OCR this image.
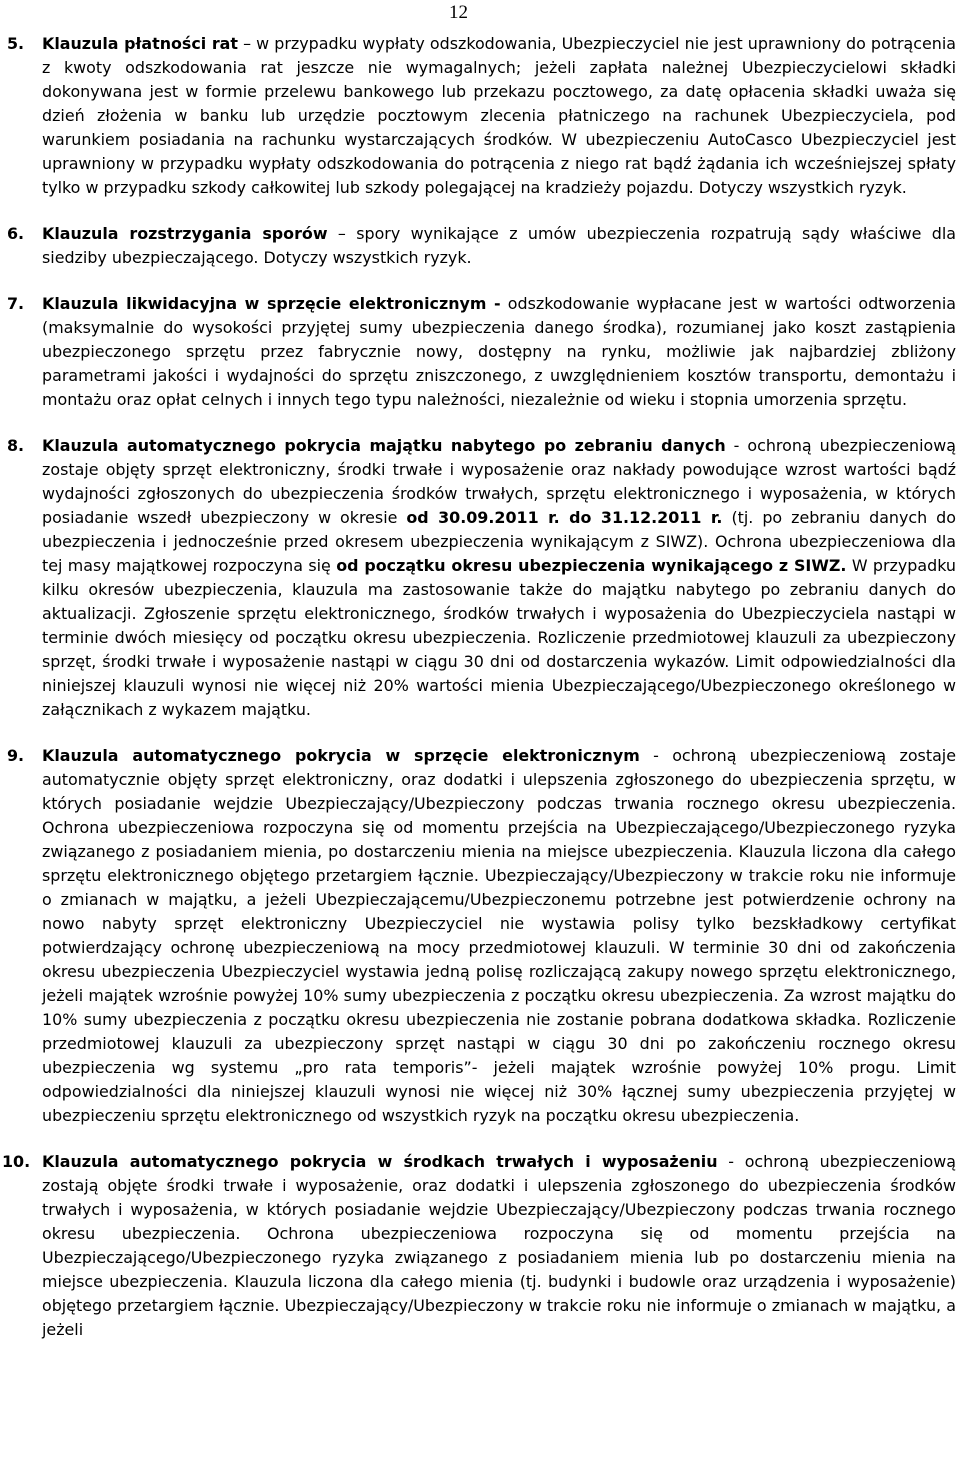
12

5. Klauzula płatności rat – w przypadku wypłaty odszkodowania, Ubezpieczyciel nie jest uprawniony do potrącenia z kwoty odszkodowania rat jeszcze nie wymagalnych; jeżeli zapłata należnej Ubezpieczycielowi składki dokonywana jest w formie przelewu bankowego lub przekazu pocztowego, za datę opłacenia składki uważa się dzień złożenia w banku lub urzędzie pocztowym zlecenia płatniczego na rachunek Ubezpieczyciela, pod warunkiem posiadania na rachunku wystarczających środków. W ubezpieczeniu AutoCasco Ubezpieczyciel jest uprawniony w przypadku wypłaty odszkodowania do potrącenia z niego rat bądź żądania ich wcześniejszej spłaty tylko w przypadku szkody całkowitej lub szkody polegającej na kradzieży pojazdu. Dotyczy wszystkich ryzyk.

6. Klauzula rozstrzygania sporów – spory wynikające z umów ubezpieczenia rozpatrują sądy właściwe dla siedziby ubezpieczającego. Dotyczy wszystkich ryzyk.

7. Klauzula likwidacyjna w sprzęcie elektronicznym - odszkodowanie wypłacane jest w wartości odtworzenia (maksymalnie do wysokości przyjętej sumy ubezpieczenia danego środka), rozumianej jako koszt zastąpienia ubezpieczonego sprzętu przez fabrycznie nowy, dostępny na rynku, możliwie jak najbardziej zbliżony parametrami jakości i wydajności do sprzętu zniszczonego, z uwzględnieniem kosztów transportu, demontażu i montażu oraz opłat celnych i innych tego typu należności, niezależnie od wieku i stopnia umorzenia sprzętu.

8. Klauzula automatycznego pokrycia majątku nabytego po zebraniu danych - ochroną ubezpieczeniową zostaje objęty sprzęt elektroniczny, środki trwałe i wyposażenie oraz nakłady powodujące wzrost wartości bądź wydajności zgłoszonych do ubezpieczenia środków trwałych, sprzętu elektronicznego i wyposażenia, w których posiadanie wszedł ubezpieczony w okresie od 30.09.2011 r. do 31.12.2011 r. (tj. po zebraniu danych do ubezpieczenia i jednocześnie przed okresem ubezpieczenia wynikającym z SIWZ). Ochrona ubezpieczeniowa dla tej masy majątkowej rozpoczyna się od początku okresu ubezpieczenia wynikającego z SIWZ. W przypadku kilku okresów ubezpieczenia, klauzula ma zastosowanie także do majątku nabytego po zebraniu danych do aktualizacji. Zgłoszenie sprzętu elektronicznego, środków trwałych i wyposażenia do Ubezpieczyciela nastąpi w terminie dwóch miesięcy od początku okresu ubezpieczenia. Rozliczenie przedmiotowej klauzuli za ubezpieczony sprzęt, środki trwałe i wyposażenie nastąpi w ciągu 30 dni od dostarczenia wykazów. Limit odpowiedzialności dla niniejszej klauzuli wynosi nie więcej niż 20% wartości mienia Ubezpieczającego/Ubezpieczonego określonego w załącznikach z wykazem majątku.

9. Klauzula automatycznego pokrycia w sprzęcie elektronicznym - ochroną ubezpieczeniową zostaje automatycznie objęty sprzęt elektroniczny, oraz dodatki i ulepszenia zgłoszonego do ubezpieczenia sprzętu, w których posiadanie wejdzie Ubezpieczający/Ubezpieczony podczas trwania rocznego okresu ubezpieczenia. Ochrona ubezpieczeniowa rozpoczyna się od momentu przejścia na Ubezpieczającego/Ubezpieczonego ryzyka związanego z posiadaniem mienia, po dostarczeniu mienia na miejsce ubezpieczenia. Klauzula liczona dla całego sprzętu elektronicznego objętego przetargiem łącznie. Ubezpieczający/Ubezpieczony w trakcie roku nie informuje o zmianach w majątku, a jeżeli Ubezpieczającemu/Ubezpieczonemu potrzebne jest potwierdzenie ochrony na nowo nabyty sprzęt elektroniczny Ubezpieczyciel nie wystawia polisy tylko bezskładkowy certyfikat potwierdzający ochronę ubezpieczeniową na mocy przedmiotowej klauzuli. W terminie 30 dni od zakończenia okresu ubezpieczenia Ubezpieczyciel wystawia jedną polisę rozliczającą zakupy nowego sprzętu elektronicznego, jeżeli majątek wzrośnie powyżej 10% sumy ubezpieczenia z początku okresu ubezpieczenia. Za wzrost majątku do 10% sumy ubezpieczenia z początku okresu ubezpieczenia nie zostanie pobrana dodatkowa składka. Rozliczenie przedmiotowej klauzuli za ubezpieczony sprzęt nastąpi w ciągu 30 dni po zakończeniu rocznego okresu ubezpieczenia wg systemu „pro rata temporis”- jeżeli majątek wzrośnie powyżej 10% progu. Limit odpowiedzialności dla niniejszej klauzuli wynosi nie więcej niż 30% łącznej sumy ubezpieczenia przyjętej w ubezpieczeniu sprzętu elektronicznego od wszystkich ryzyk na początku okresu ubezpieczenia.

10. Klauzula automatycznego pokrycia w środkach trwałych i wyposażeniu - ochroną ubezpieczeniową zostają objęte środki trwałe i wyposażenie, oraz dodatki i ulepszenia zgłoszonego do ubezpieczenia środków trwałych i wyposażenia, w których posiadanie wejdzie Ubezpieczający/Ubezpieczony podczas trwania rocznego okresu ubezpieczenia. Ochrona ubezpieczeniowa rozpoczyna się od momentu przejścia na Ubezpieczającego/Ubezpieczonego ryzyka związanego z posiadaniem mienia lub po dostarczeniu mienia na miejsce ubezpieczenia. Klauzula liczona dla całego mienia (tj. budynki i budowle oraz urządzenia i wyposażenie) objętego przetargiem łącznie. Ubezpieczający/Ubezpieczony w trakcie roku nie informuje o zmianach w majątku, a jeżeli
